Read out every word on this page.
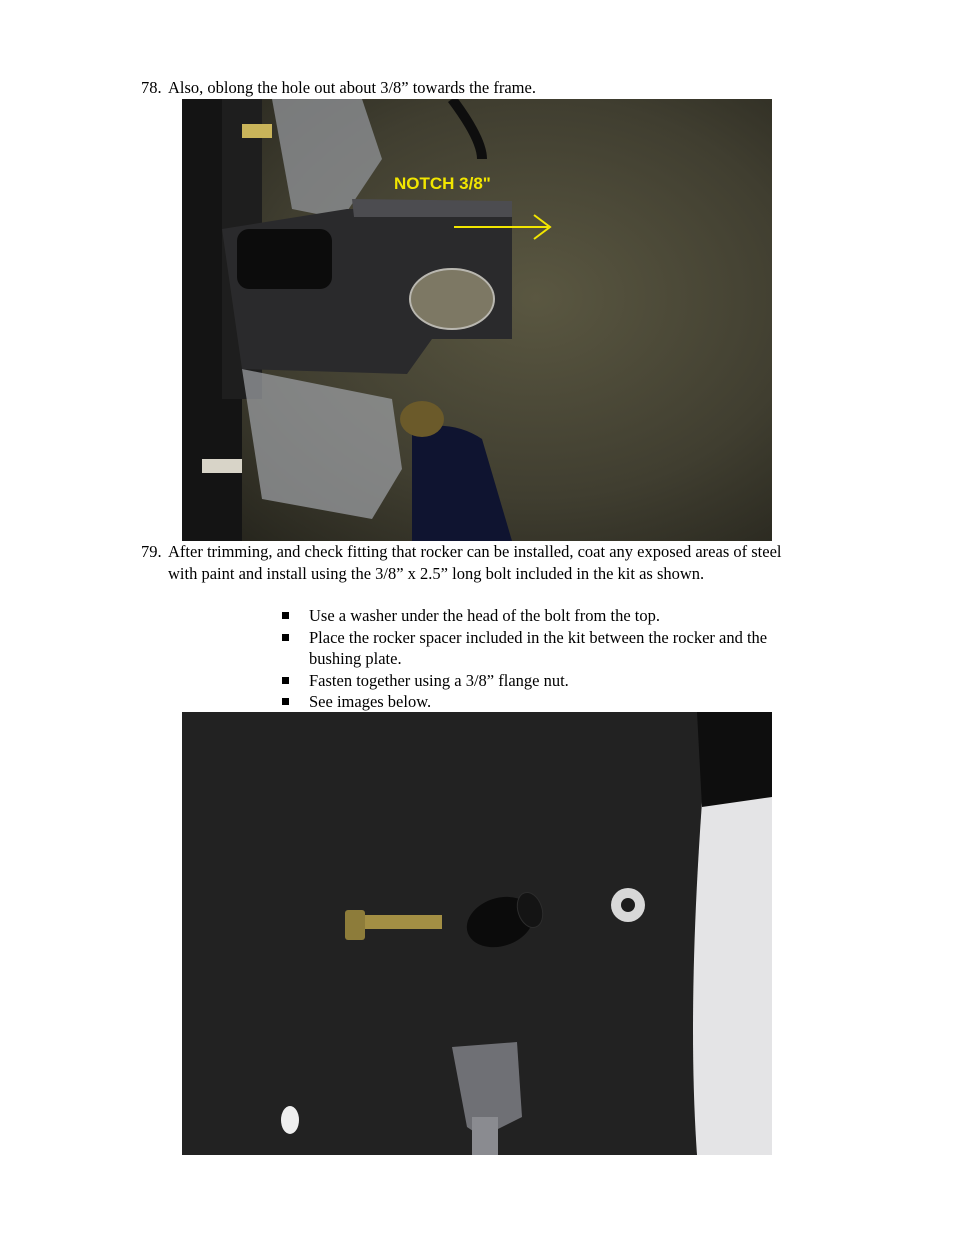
78. Also, oblong the hole out about 3/8” towards the frame.
NOTCH 3/8"
79. After trimming, and check fitting that rocker can be installed, coat any exposed areas of steel with paint and install using the 3/8” x 2.5” long bolt included in the kit as shown.
Use a washer under the head of the bolt from the top.
Place the rocker spacer included in the kit between the rocker and the bushing plate.
Fasten together using a 3/8” flange nut.
See images below.
